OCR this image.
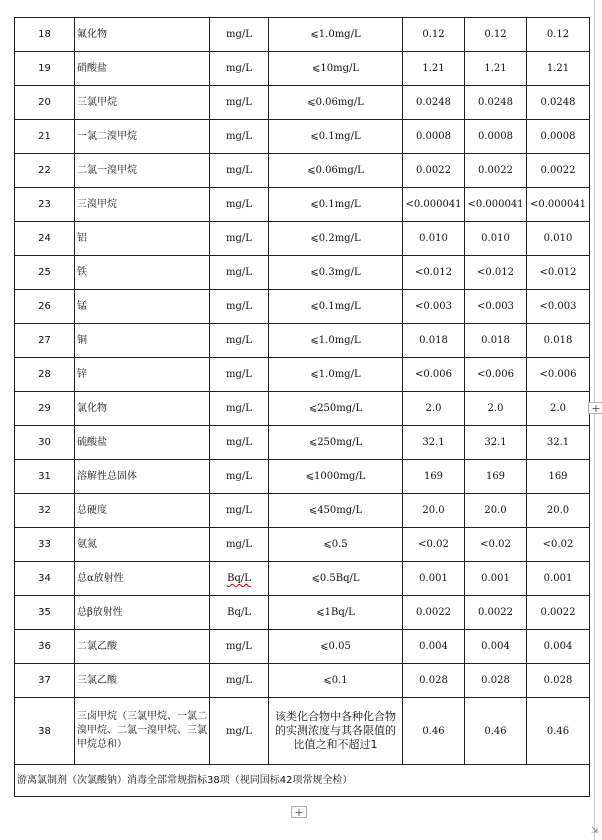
18	氟化物	mg/L	⩽1.0mg/L	0.12	0.12	0.12
19	硝酸盐	mg/L	⩽10mg/L	1.21	1.21	1.21
20	三氯甲烷	mg/L	⩽0.06mg/L	0.0248	0.0248	0.0248
21	一氯二溴甲烷	mg/L	⩽0.1mg/L	0.0008	0.0008	0.0008
22	二氯一溴甲烷	mg/L	⩽0.06mg/L	0.0022	0.0022	0.0022
23	三溴甲烷	mg/L	⩽0.1mg/L	<0.000041	<0.000041	<0.000041
24	铝	mg/L	⩽0.2mg/L	0.010	0.010	0.010
25	铁	mg/L	⩽0.3mg/L	<0.012	<0.012	<0.012
26	锰	mg/L	⩽0.1mg/L	<0.003	<0.003	<0.003
27	铜	mg/L	⩽1.0mg/L	0.018	0.018	0.018
28	锌	mg/L	⩽1.0mg/L	<0.006	<0.006	<0.006
29	氯化物	mg/L	⩽250mg/L	2.0	2.0	2.0
30	硫酸盐	mg/L	⩽250mg/L	32.1	32.1	32.1
31	溶解性总固体	mg/L	⩽1000mg/L	169	169	169
32	总硬度	mg/L	⩽450mg/L	20.0	20.0	20.0
33	氨氮	mg/L	⩽0.5	<0.02	<0.02	<0.02
34	总α放射性	Bq/L	⩽0.5Bq/L	0.001	0.001	0.001
35	总β放射性	Bq/L	⩽1Bq/L	0.0022	0.0022	0.0022
36	二氯乙酸	mg/L	⩽0.05	0.004	0.004	0.004
37	三氯乙酸	mg/L	⩽0.1	0.028	0.028	0.028
38	三卤甲烷（三氯甲烷、一氯二溴甲烷、二氯一溴甲烷、三氯甲烷总和）	mg/L	该类化合物中各种化合物的实测浓度与其各限值的比值之和不超过1	0.46	0.46	0.46
游离氯制剂（次氯酸钠）消毒全部常规指标38项（视同国标42项常规全检）						
+
+
⇲
